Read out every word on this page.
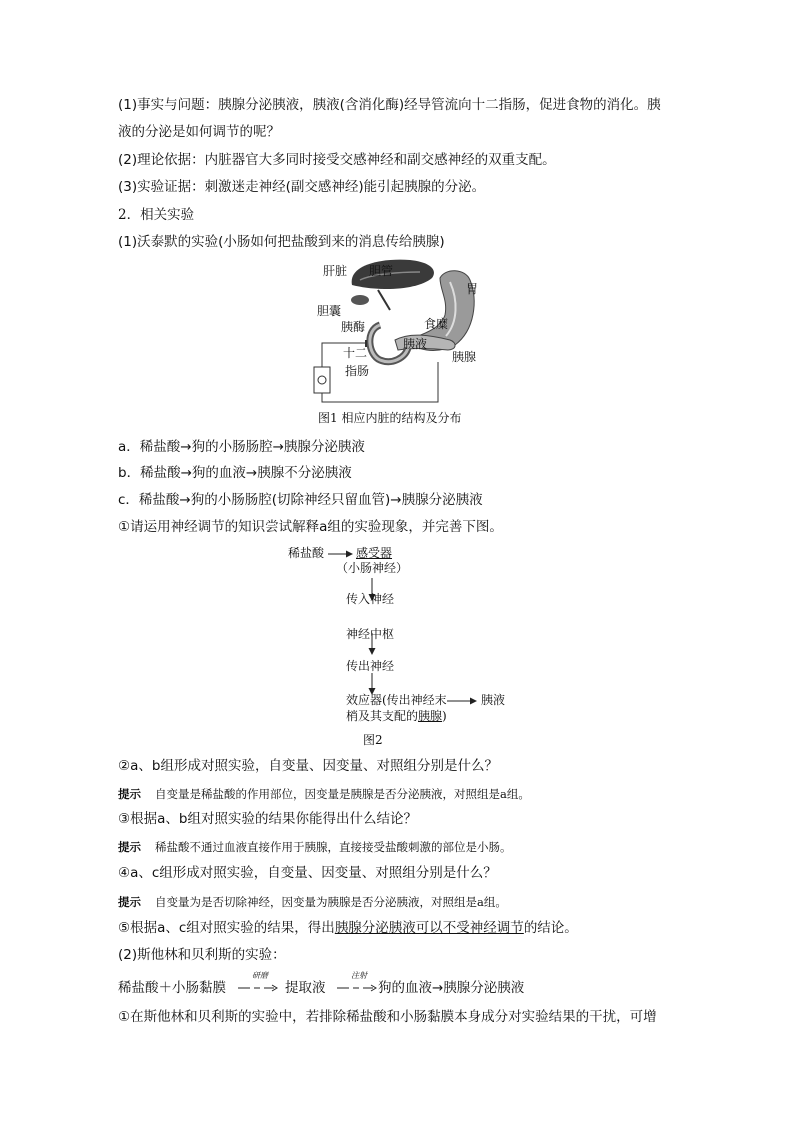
(1)事实与问题：胰腺分泌胰液，胰液(含消化酶)经导管流向十二指肠，促进食物的消化。胰
液的分泌是如何调节的呢？
(2)理论依据：内脏器官大多同时接受交感神经和副交感神经的双重支配。
(3)实验证据：刺激迷走神经(副交感神经)能引起胰腺的分泌。
2．相关实验
(1)沃泰默的实验(小肠如何把盐酸到来的消息传给胰腺)
肝脏 胆管
胃
胆囊
胰酶	食糜
胰液
胰腺
十二
指肠
图1 相应内脏的结构及分布
a．稀盐酸→狗的小肠肠腔→胰腺分泌胰液
b．稀盐酸→狗的血液→胰腺不分泌胰液
c．稀盐酸→狗的小肠肠腔(切除神经只留血管)→胰腺分泌胰液
①请运用神经调节的知识尝试解释a组的实验现象，并完善下图。
稀盐酸	感受器
（小肠神经）
传入神经
神经中枢
传出神经
效应器(传出神经末
梢及其支配的胰腺)
胰液
图2
②a、b组形成对照实验，自变量、因变量、对照组分别是什么？
提示 自变量是稀盐酸的作用部位，因变量是胰腺是否分泌胰液，对照组是a组。
③根据a、b组对照实验的结果你能得出什么结论？
提示 稀盐酸不通过血液直接作用于胰腺，直接接受盐酸刺激的部位是小肠。
④a、c组形成对照实验，自变量、因变量、对照组分别是什么？
提示 自变量为是否切除神经，因变量为胰腺是否分泌胰液，对照组是a组。
⑤根据a、c组对照实验的结果，得出胰腺分泌胰液可以不受神经调节的结论。
(2)斯他林和贝利斯的实验：
稀盐酸＋小肠黏膜
研磨
提取液
注射
狗的血液→胰腺分泌胰液
①在斯他林和贝利斯的实验中，若排除稀盐酸和小肠黏膜本身成分对实验结果的干扰，可增
